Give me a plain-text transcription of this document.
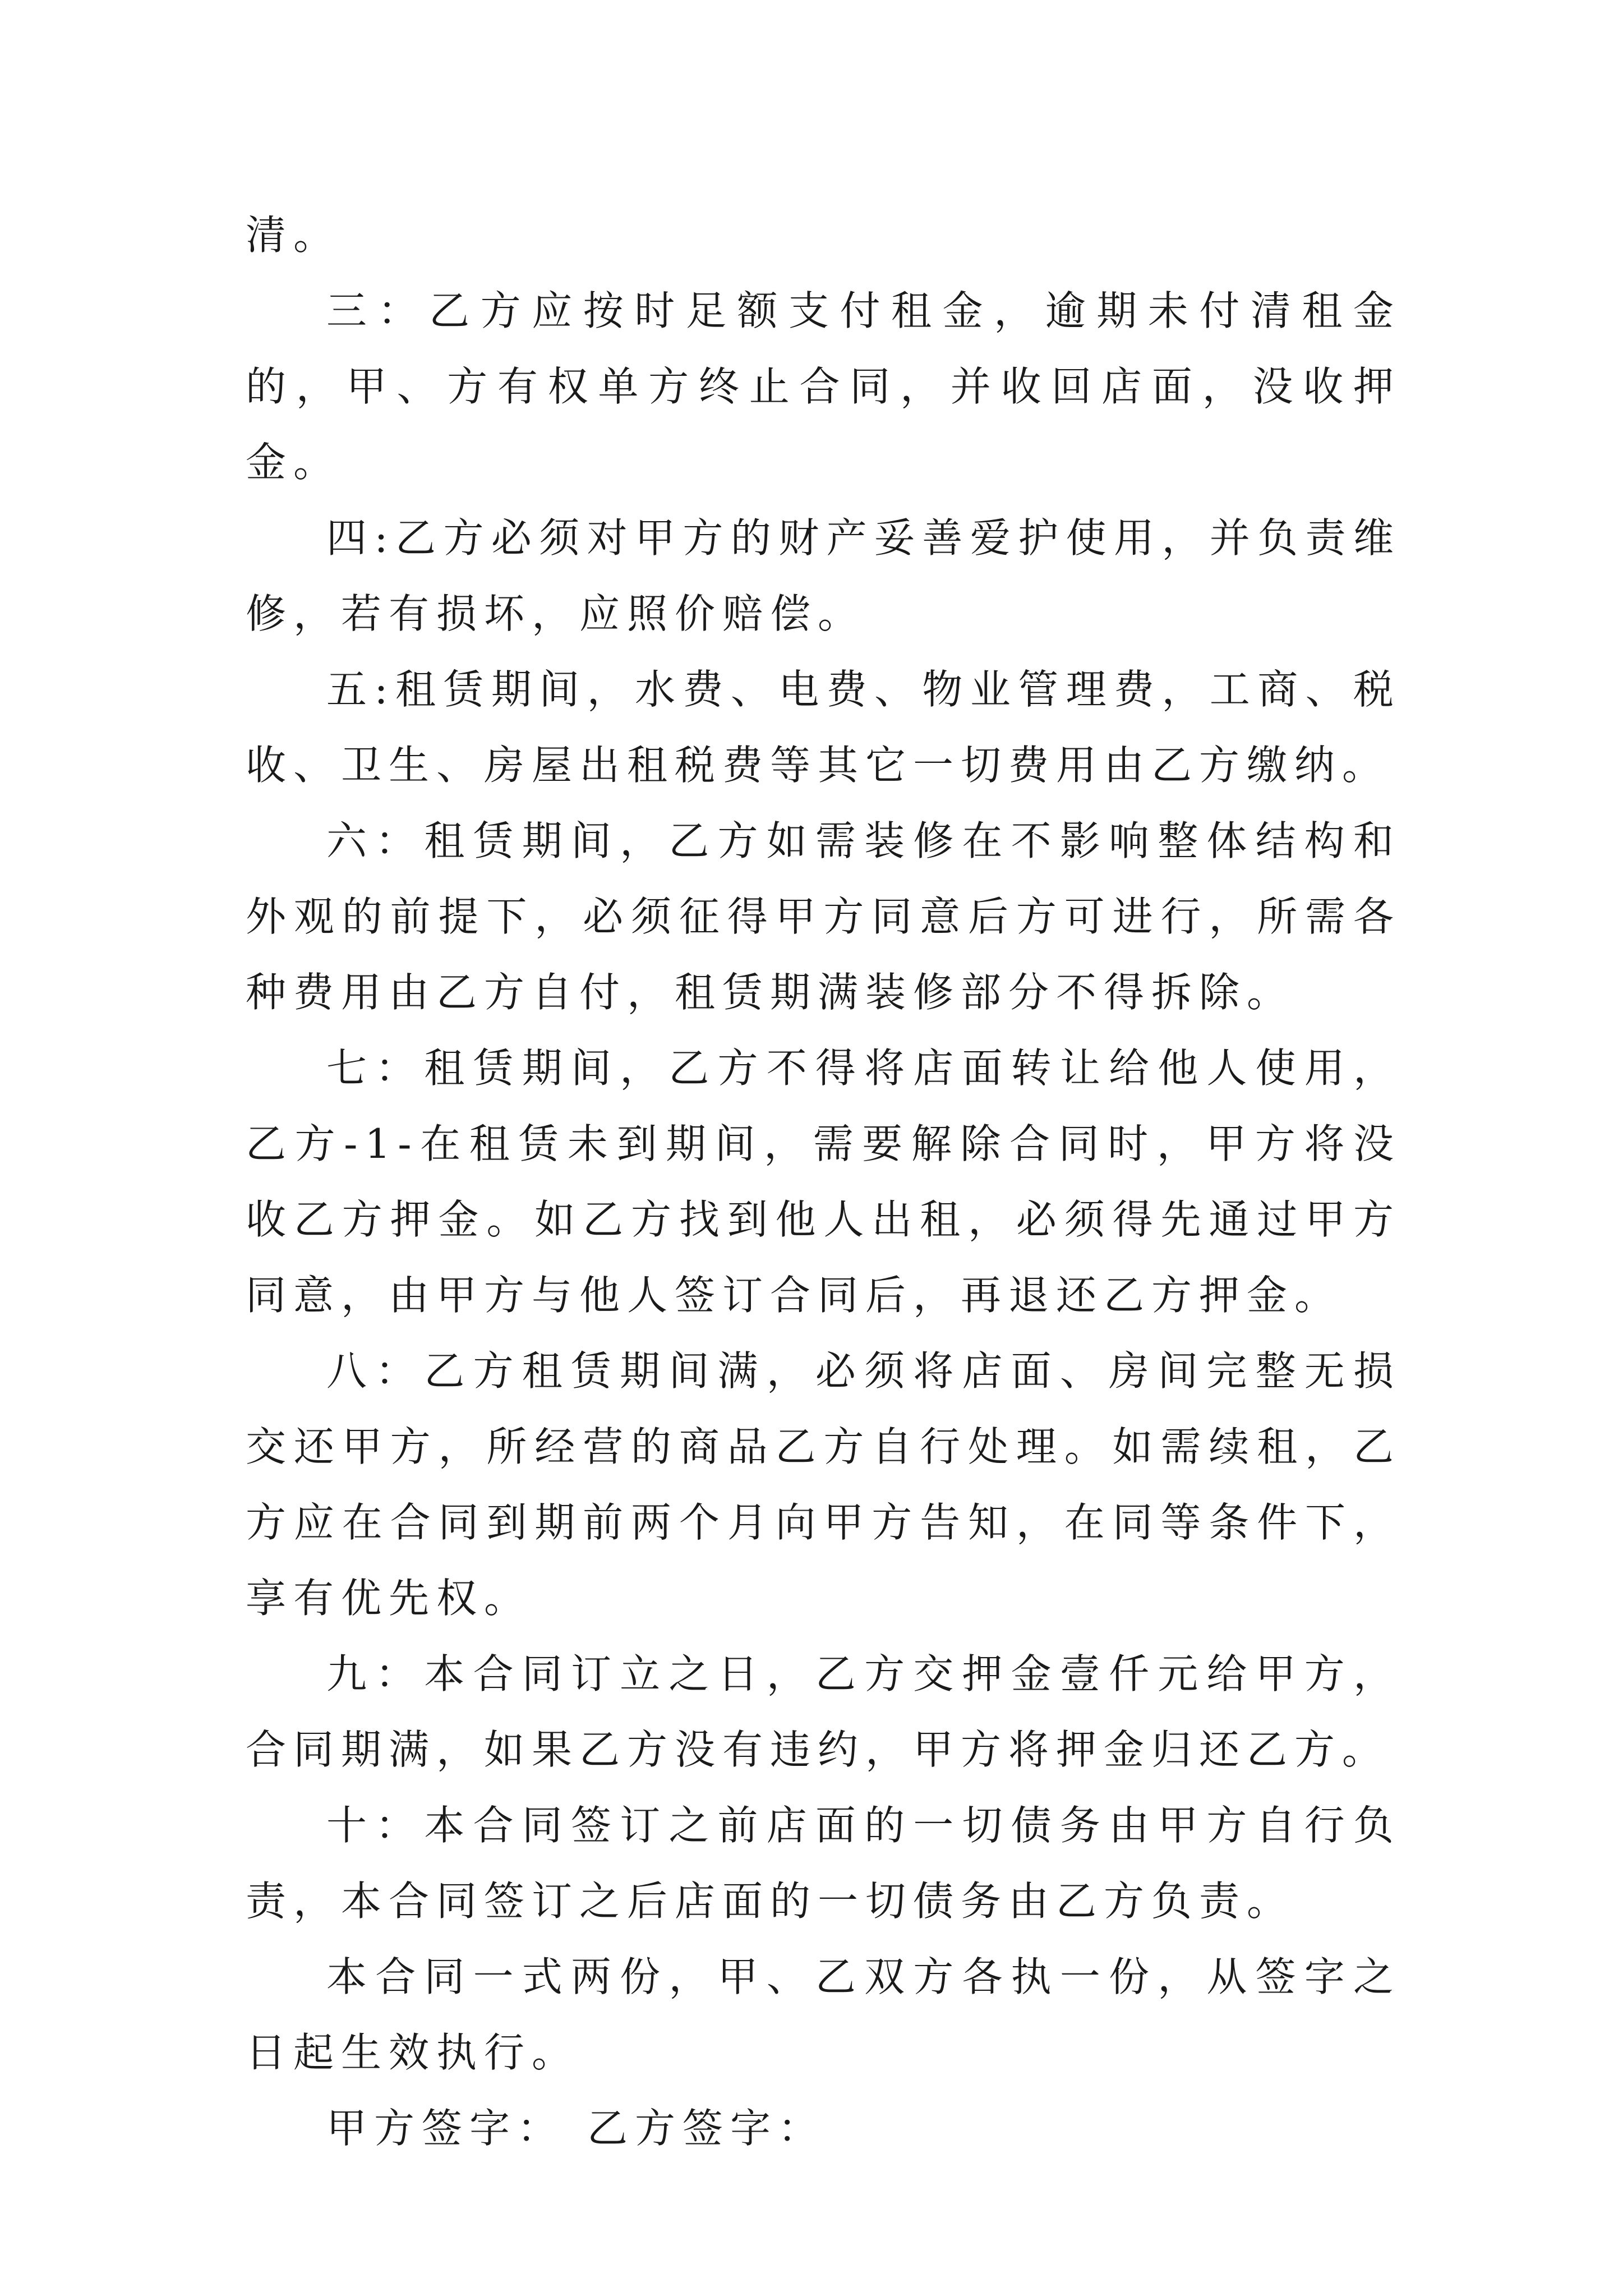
清。

三：乙方应按时足额支付租金，逾期未付清租金的，甲、方有权单方终止合同，并收回店面，没收押金。

四:乙方必须对甲方的财产妥善爱护使用，并负责维修，若有损坏，应照价赔偿。

五:租赁期间，水费、电费、物业管理费，工商、税收、卫生、房屋出租税费等其它一切费用由乙方缴纳。

六：租赁期间，乙方如需装修在不影响整体结构和外观的前提下，必须征得甲方同意后方可进行，所需各种费用由乙方自付，租赁期满装修部分不得拆除。

七：租赁期间，乙方不得将店面转让给他人使用，乙方-1-在租赁未到期间，需要解除合同时，甲方将没收乙方押金。如乙方找到他人出租，必须得先通过甲方同意，由甲方与他人签订合同后，再退还乙方押金。

八：乙方租赁期间满，必须将店面、房间完整无损交还甲方，所经营的商品乙方自行处理。如需续租，乙方应在合同到期前两个月向甲方告知，在同等条件下，享有优先权。

九：本合同订立之日，乙方交押金壹仟元给甲方，合同期满，如果乙方没有违约，甲方将押金归还乙方。

十：本合同签订之前店面的一切债务由甲方自行负责，本合同签订之后店面的一切债务由乙方负责。

本合同一式两份，甲、乙双方各执一份，从签字之日起生效执行。

甲方签字： 乙方签字：
